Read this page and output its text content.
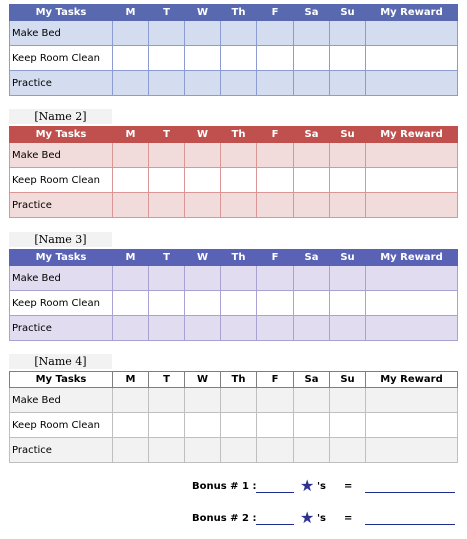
My Tasks	M	T	W	Th	F	Sa	Su	My Reward
Make Bed								
Keep Room Clean								
Practice								
[Name 2]
My Tasks	M	T	W	Th	F	Sa	Su	My Reward
Make Bed								
Keep Room Clean								
Practice								
[Name 3]
My Tasks	M	T	W	Th	F	Sa	Su	My Reward
Make Bed								
Keep Room Clean								
Practice								
[Name 4]
My Tasks	M	T	W	Th	F	Sa	Su	My Reward
Make Bed								
Keep Room Clean								
Practice								
Bonus # 1 :	★ 's =
Bonus # 2 :	★ 's =
